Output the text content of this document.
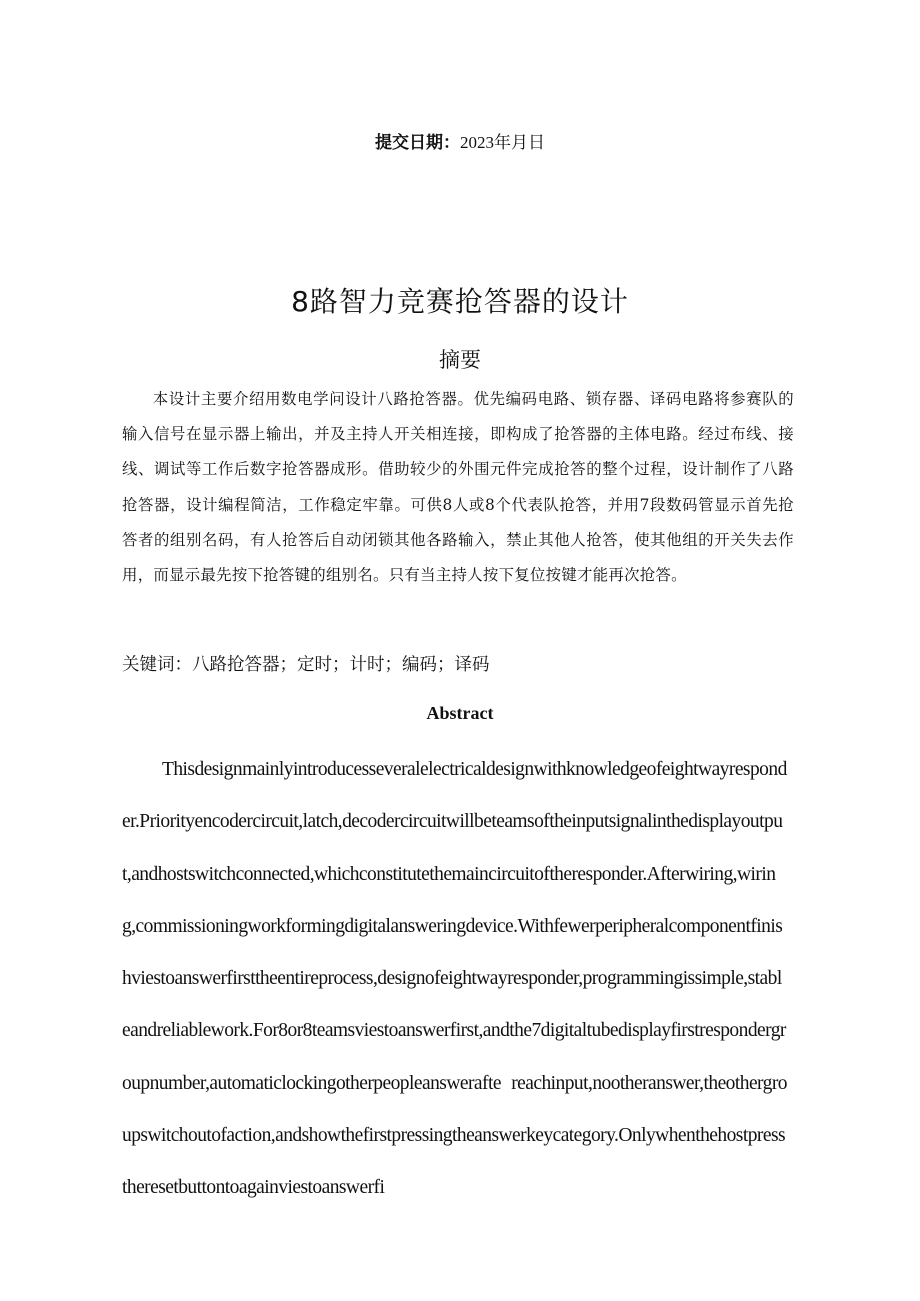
提交日期：2023年月日
8路智力竞赛抢答器的设计
摘要
本设计主要介绍用数电学问设计八路抢答器。优先编码电路、锁存器、译码电路将参赛队的输入信号在显示器上输出，并及主持人开关相连接，即构成了抢答器的主体电路。经过布线、接线、调试等工作后数字抢答器成形。借助较少的外围元件完成抢答的整个过程，设计制作了八路抢答器，设计编程简洁，工作稳定牢靠。可供8人或8个代表队抢答，并用7段数码管显示首先抢答者的组别名码，有人抢答后自动闭锁其他各路输入，禁止其他人抢答，使其他组的开关失去作用，而显示最先按下抢答键的组别名。只有当主持人按下复位按键才能再次抢答。
关键词：八路抢答器；定时；计时；编码；译码
Abstract
Thisdesignmainlyintroducesseveralelectricaldesignwithknowledgeofeightwayresponder.Priorityencodercircuit,latch,decodercircuitwillbeteamsoftheinputsignalinthedisplayoutput,andhostswitchconnected,whichconstitutethemaincircuitoftheresponder.Afterwiring,wiring,commissioningworkformingdigitalansweringdevice.Withfewerperipheralcomponentfinishviestoanswerfirsttheentireprocess,designofeightwayresponder,programmingissimple,stableandreliablework.For8or8teamsviestoanswerfirst,andthe7digitaltubedisplayfirstrespondergroupnumber,automaticlockingotherpeopleanswerafte reachinput,nootheranswer,theothergroupswitchoutofaction,andshowthefirstpressingtheanswerkeycategory.Onlywhenthehostpresstheresetbuttontoagainviestoanswerfi
